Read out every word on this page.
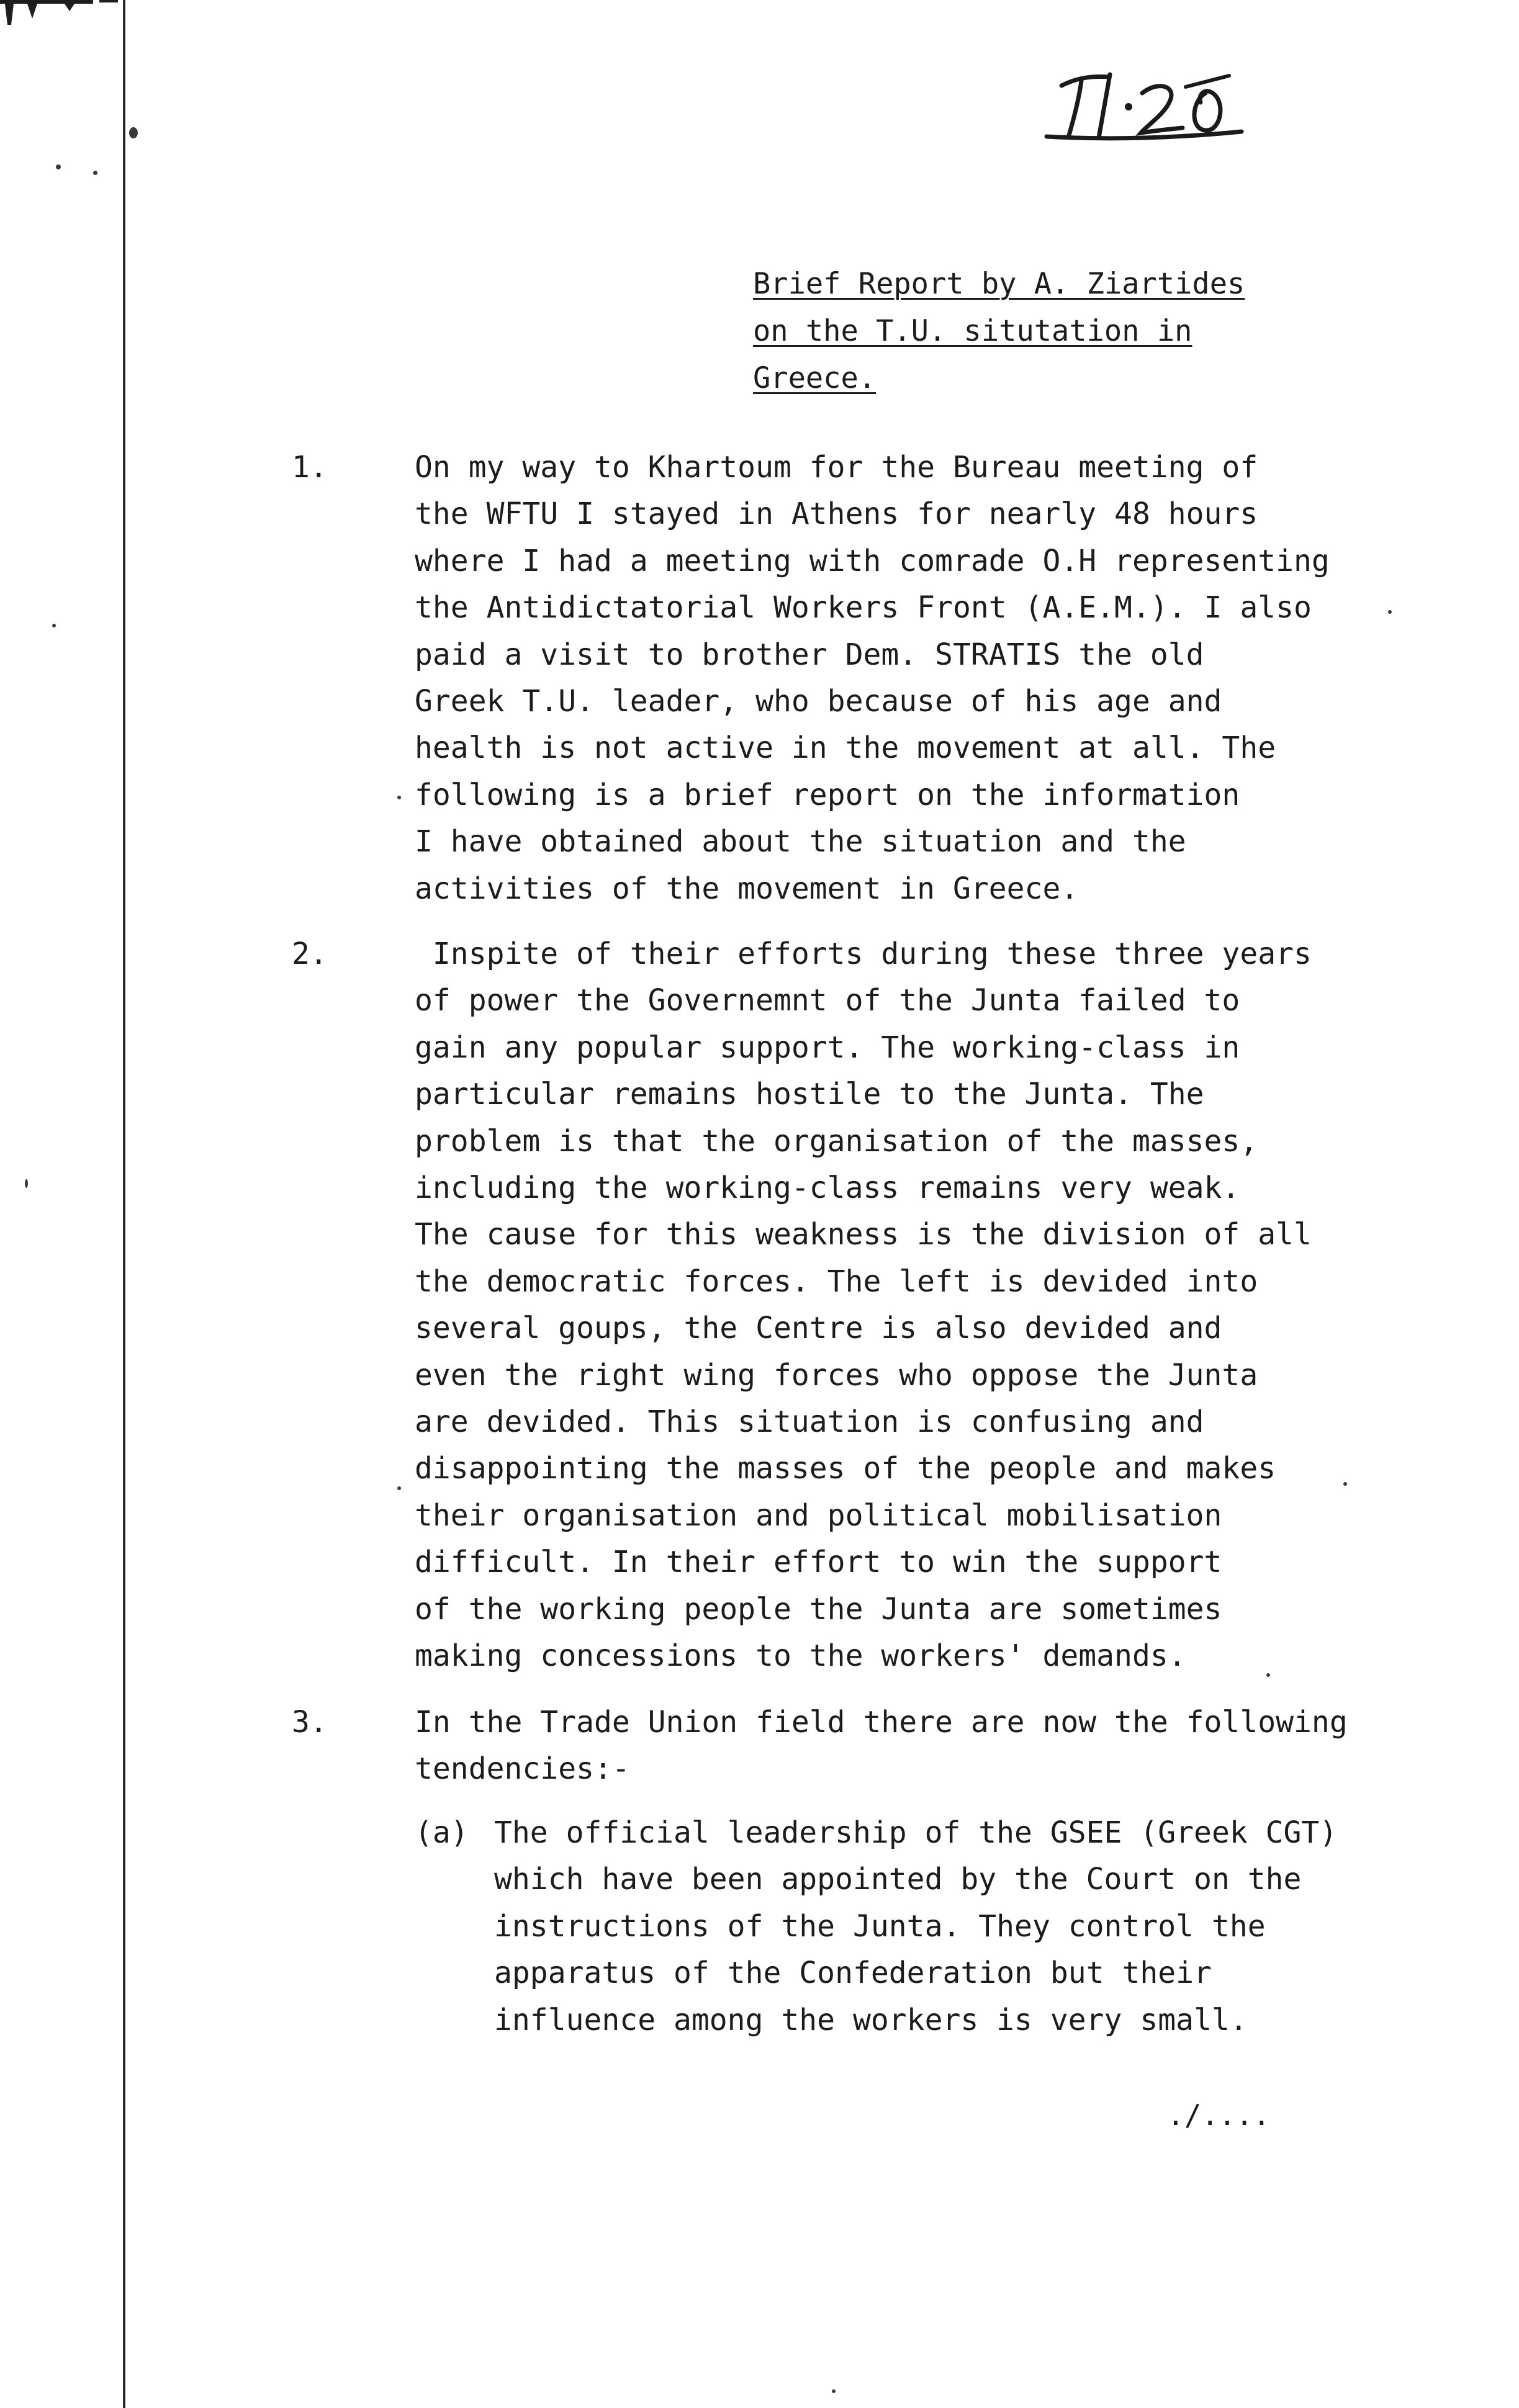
Brief Report by A. Ziartides
on the T.U. situtation in
Greece.
1.	On my way to Khartoum for the Bureau meeting of
the WFTU I stayed in Athens for nearly 48 hours
where I had a meeting with comrade O.H representing
the Antidictatorial Workers Front (A.E.M.). I also
paid a visit to brother Dem. STRATIS the old
Greek T.U. leader, who because of his age and
health is not active in the movement at all. The
following is a brief report on the information
I have obtained about the situation and the
activities of the movement in Greece.
2.	Inspite of their efforts during these three years
of power the Governemnt of the Junta failed to
gain any popular support. The working-class in
particular remains hostile to the Junta. The
problem is that the organisation of the masses,
including the working-class remains very weak.
The cause for this weakness is the division of all
the democratic forces. The left is devided into
several goups, the Centre is also devided and
even the right wing forces who oppose the Junta
are devided. This situation is confusing and
disappointing the masses of the people and makes
their organisation and political mobilisation
difficult. In their effort to win the support
of the working people the Junta are sometimes
making concessions to the workers' demands.
3.	In the Trade Union field there are now the following
tendencies:-
(a) The official leadership of the GSEE (Greek CGT)
which have been appointed by the Court on the
instructions of the Junta. They control the
apparatus of the Confederation but their
influence among the workers is very small.
./....
